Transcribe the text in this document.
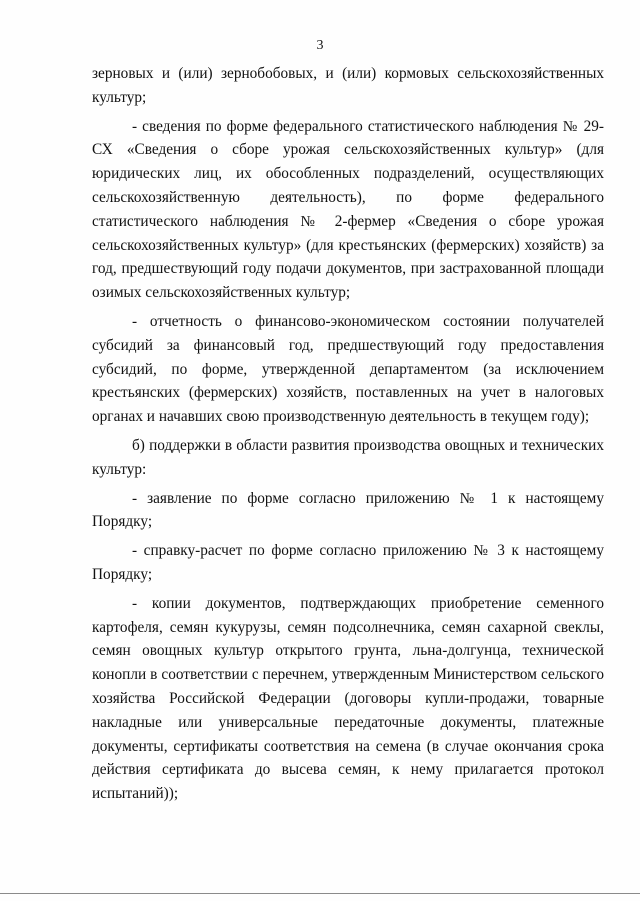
3

зерновых и (или) зернобобовых, и (или) кормовых сельскохозяйственных культур;

- сведения по форме федерального статистического наблюдения № 29-СХ «Сведения о сборе урожая сельскохозяйственных культур» (для юридических лиц, их обособленных подразделений, осуществляющих сельскохозяйственную деятельность), по форме федерального статистического наблюдения № 2-фермер «Сведения о сборе урожая сельскохозяйственных культур» (для крестьянских (фермерских) хозяйств) за год, предшествующий году подачи документов, при застрахованной площади озимых сельскохозяйственных культур;

- отчетность о финансово-экономическом состоянии получателей субсидий за финансовый год, предшествующий году предоставления субсидий, по форме, утвержденной департаментом (за исключением крестьянских (фермерских) хозяйств, поставленных на учет в налоговых органах и начавших свою производственную деятельность в текущем году);

б) поддержки в области развития производства овощных и технических культур:

- заявление по форме согласно приложению № 1 к настоящему Порядку;

- справку-расчет по форме согласно приложению № 3 к настоящему Порядку;

- копии документов, подтверждающих приобретение семенного картофеля, семян кукурузы, семян подсолнечника, семян сахарной свеклы, семян овощных культур открытого грунта, льна-долгунца, технической конопли в соответствии с перечнем, утвержденным Министерством сельского хозяйства Российской Федерации (договоры купли-продажи, товарные накладные или универсальные передаточные документы, платежные документы, сертификаты соответствия на семена (в случае окончания срока действия сертификата до высева семян, к нему прилагается протокол испытаний));
